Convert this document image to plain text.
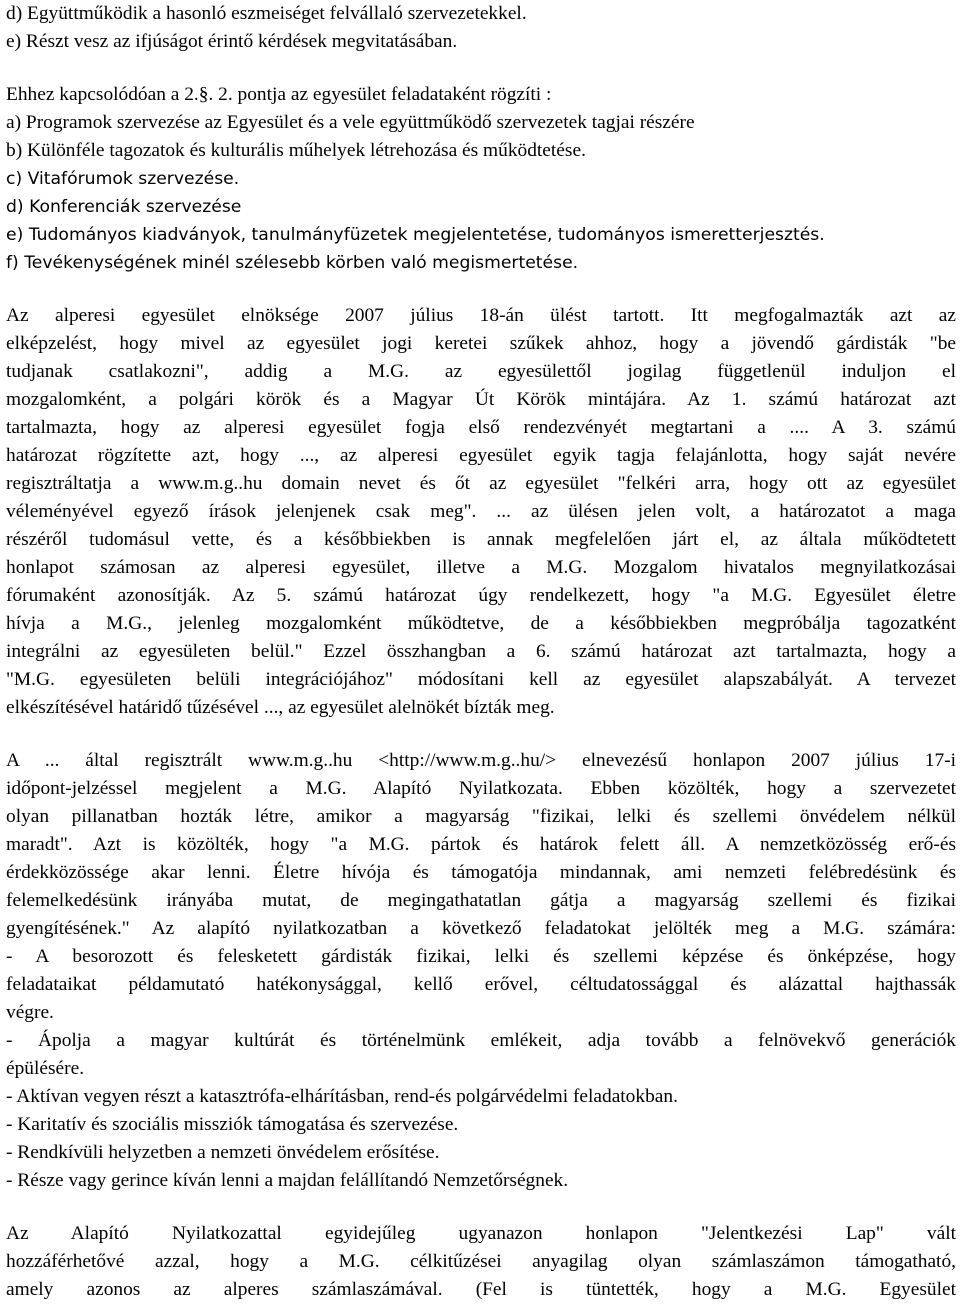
d) Együttműködik a hasonló eszmeiséget felvállaló szervezetekkel.
e) Részt vesz az ifjúságot érintő kérdések megvitatásában.
Ehhez kapcsolódóan a 2.§. 2. pontja az egyesület feladataként rögzíti :
a) Programok szervezése az Egyesület és a vele együttműködő szervezetek tagjai részére
b) Különféle tagozatok és kulturális műhelyek létrehozása és működtetése.
c) Vitafórumok szervezése.
d) Konferenciák szervezése
e) Tudományos kiadványok, tanulmányfüzetek megjelentetése, tudományos ismeretterjesztés.
f) Tevékenységének minél szélesebb körben való megismertetése.
Az alperesi egyesület elnöksége 2007 július 18-án ülést tartott. Itt megfogalmazták azt az
elképzelést, hogy mivel az egyesület jogi keretei szűkek ahhoz, hogy a jövendő gárdisták "be
tudjanak csatlakozni", addig a M.G. az egyesülettől jogilag függetlenül induljon el
mozgalomként, a polgári körök és a Magyar Út Körök mintájára. Az 1. számú határozat azt
tartalmazta, hogy az alperesi egyesület fogja első rendezvényét megtartani a .... A 3. számú
határozat rögzítette azt, hogy ..., az alperesi egyesület egyik tagja felajánlotta, hogy saját nevére
regisztráltatja a www.m.g..hu domain nevet és őt az egyesület "felkéri arra, hogy ott az egyesület
véleményével egyező írások jelenjenek csak meg". ... az ülésen jelen volt, a határozatot a maga
részéről tudomásul vette, és a későbbiekben is annak megfelelően járt el, az általa működtetett
honlapot számosan az alperesi egyesület, illetve a M.G. Mozgalom hivatalos megnyilatkozásai
fórumaként azonosítják. Az 5. számú határozat úgy rendelkezett, hogy "a M.G. Egyesület életre
hívja a M.G., jelenleg mozgalomként működtetve, de a későbbiekben megpróbálja tagozatként
integrálni az egyesületen belül." Ezzel összhangban a 6. számú határozat azt tartalmazta, hogy a
"M.G. egyesületen belüli integrációjához" módosítani kell az egyesület alapszabályát. A tervezet
elkészítésével határidő tűzésével ..., az egyesület alelnökét bízták meg.
A ... által regisztrált www.m.g..hu <http://www.m.g..hu/> elnevezésű honlapon 2007 július 17-i
időpont-jelzéssel megjelent a M.G. Alapító Nyilatkozata. Ebben közölték, hogy a szervezetet
olyan pillanatban hozták létre, amikor a magyarság "fizikai, lelki és szellemi önvédelem nélkül
maradt". Azt is közölték, hogy "a M.G. pártok és határok felett áll. A nemzetközösség erő-és
érdekközössége akar lenni. Életre hívója és támogatója mindannak, ami nemzeti felébredésünk és
felemelkedésünk irányába mutat, de megingathatatlan gátja a magyarság szellemi és fizikai
gyengítésének." Az alapító nyilatkozatban a következő feladatokat jelölték meg a M.G. számára:
- A besorozott és felesketett gárdisták fizikai, lelki és szellemi képzése és önképzése, hogy
feladataikat példamutató hatékonysággal, kellő erővel, céltudatossággal és alázattal hajthassák
végre.
- Ápolja a magyar kultúrát és történelmünk emlékeit, adja tovább a felnövekvő generációk
épülésére.
- Aktívan vegyen részt a katasztrófa-elhárításban, rend-és polgárvédelmi feladatokban.
- Karitatív és szociális missziók támogatása és szervezése.
- Rendkívüli helyzetben a nemzeti önvédelem erősítése.
- Része vagy gerince kíván lenni a majdan felállítandó Nemzetőrségnek.
Az Alapító Nyilatkozattal egyidejűleg ugyanazon honlapon "Jelentkezési Lap" vált
hozzáférhetővé azzal, hogy a M.G. célkitűzései anyagilag olyan számlaszámon támogatható,
amely azonos az alperes számlaszámával. (Fel is tüntették, hogy a M.G. Egyesület
